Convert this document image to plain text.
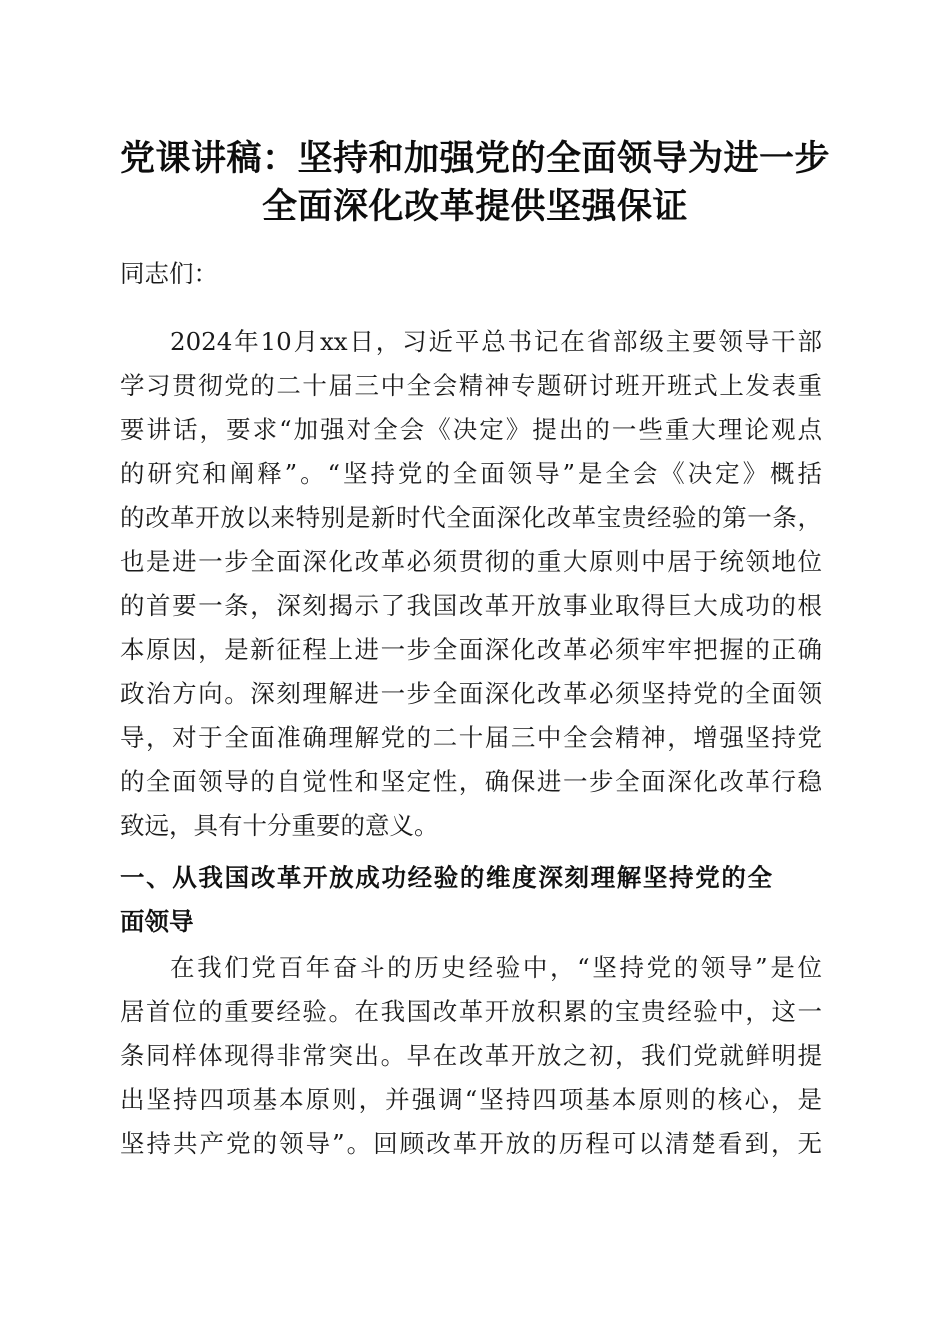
党课讲稿：坚持和加强党的全面领导为进一步
全面深化改革提供坚强保证
同志们：
2024年10月xx日，习近平总书记在省部级主要领导干部
学习贯彻党的二十届三中全会精神专题研讨班开班式上发表重
要讲话，要求“加强对全会《决定》提出的一些重大理论观点
的研究和阐释”。“坚持党的全面领导”是全会《决定》概括
的改革开放以来特别是新时代全面深化改革宝贵经验的第一条，
也是进一步全面深化改革必须贯彻的重大原则中居于统领地位
的首要一条，深刻揭示了我国改革开放事业取得巨大成功的根
本原因，是新征程上进一步全面深化改革必须牢牢把握的正确
政治方向。深刻理解进一步全面深化改革必须坚持党的全面领
导，对于全面准确理解党的二十届三中全会精神，增强坚持党
的全面领导的自觉性和坚定性，确保进一步全面深化改革行稳
致远，具有十分重要的意义。
一、从我国改革开放成功经验的维度深刻理解坚持党的全
面领导
在我们党百年奋斗的历史经验中，“坚持党的领导”是位
居首位的重要经验。在我国改革开放积累的宝贵经验中，这一
条同样体现得非常突出。早在改革开放之初，我们党就鲜明提
出坚持四项基本原则，并强调“坚持四项基本原则的核心，是
坚持共产党的领导”。回顾改革开放的历程可以清楚看到，无
